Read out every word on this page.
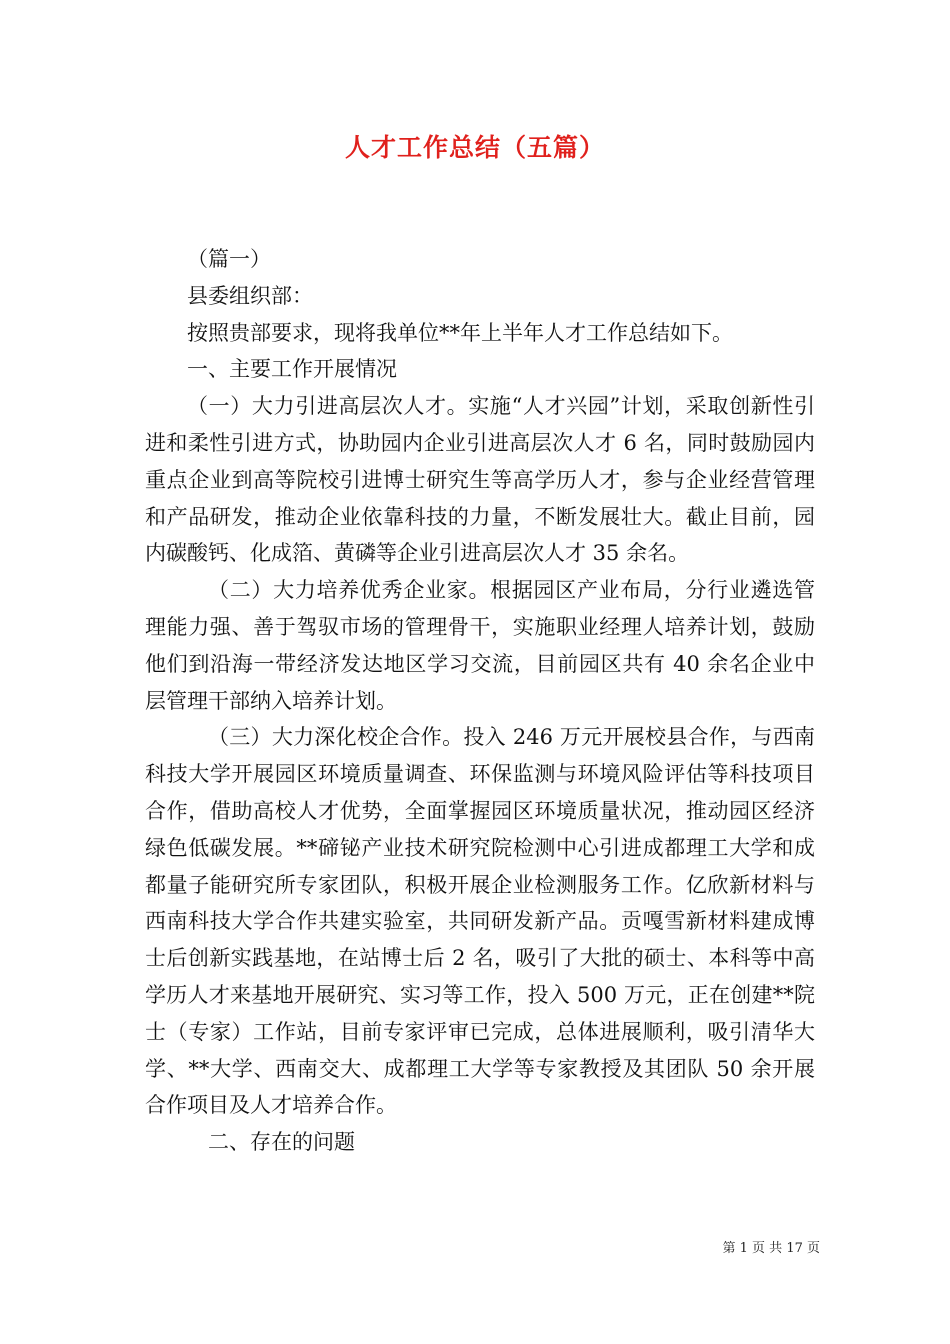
人才工作总结（五篇）

（篇一）

县委组织部：

按照贵部要求，现将我单位**年上半年人才工作总结如下。

一、主要工作开展情况

（一）大力引进高层次人才。实施“人才兴园”计划，采取创新性引进和柔性引进方式，协助园内企业引进高层次人才 6 名，同时鼓励园内重点企业到高等院校引进博士研究生等高学历人才，参与企业经营管理和产品研发，推动企业依靠科技的力量，不断发展壮大。截止目前，园内碳酸钙、化成箔、黄磷等企业引进高层次人才 35 余名。

（二）大力培养优秀企业家。根据园区产业布局，分行业遴选管理能力强、善于驾驭市场的管理骨干，实施职业经理人培养计划，鼓励他们到沿海一带经济发达地区学习交流，目前园区共有 40 余名企业中层管理干部纳入培养计划。

（三）大力深化校企合作。投入 246 万元开展校县合作，与西南科技大学开展园区环境质量调查、环保监测与环境风险评估等科技项目合作，借助高校人才优势，全面掌握园区环境质量状况，推动园区经济绿色低碳发展。**碲铋产业技术研究院检测中心引进成都理工大学和成都量子能研究所专家团队，积极开展企业检测服务工作。亿欣新材料与西南科技大学合作共建实验室，共同研发新产品。贡嘎雪新材料建成博士后创新实践基地，在站博士后 2 名，吸引了大批的硕士、本科等中高学历人才来基地开展研究、实习等工作，投入 500 万元，正在创建**院士（专家）工作站，目前专家评审已完成，总体进展顺利，吸引清华大学、**大学、西南交大、成都理工大学等专家教授及其团队 50 余开展合作项目及人才培养合作。

二、存在的问题

第 1 页 共 17 页
